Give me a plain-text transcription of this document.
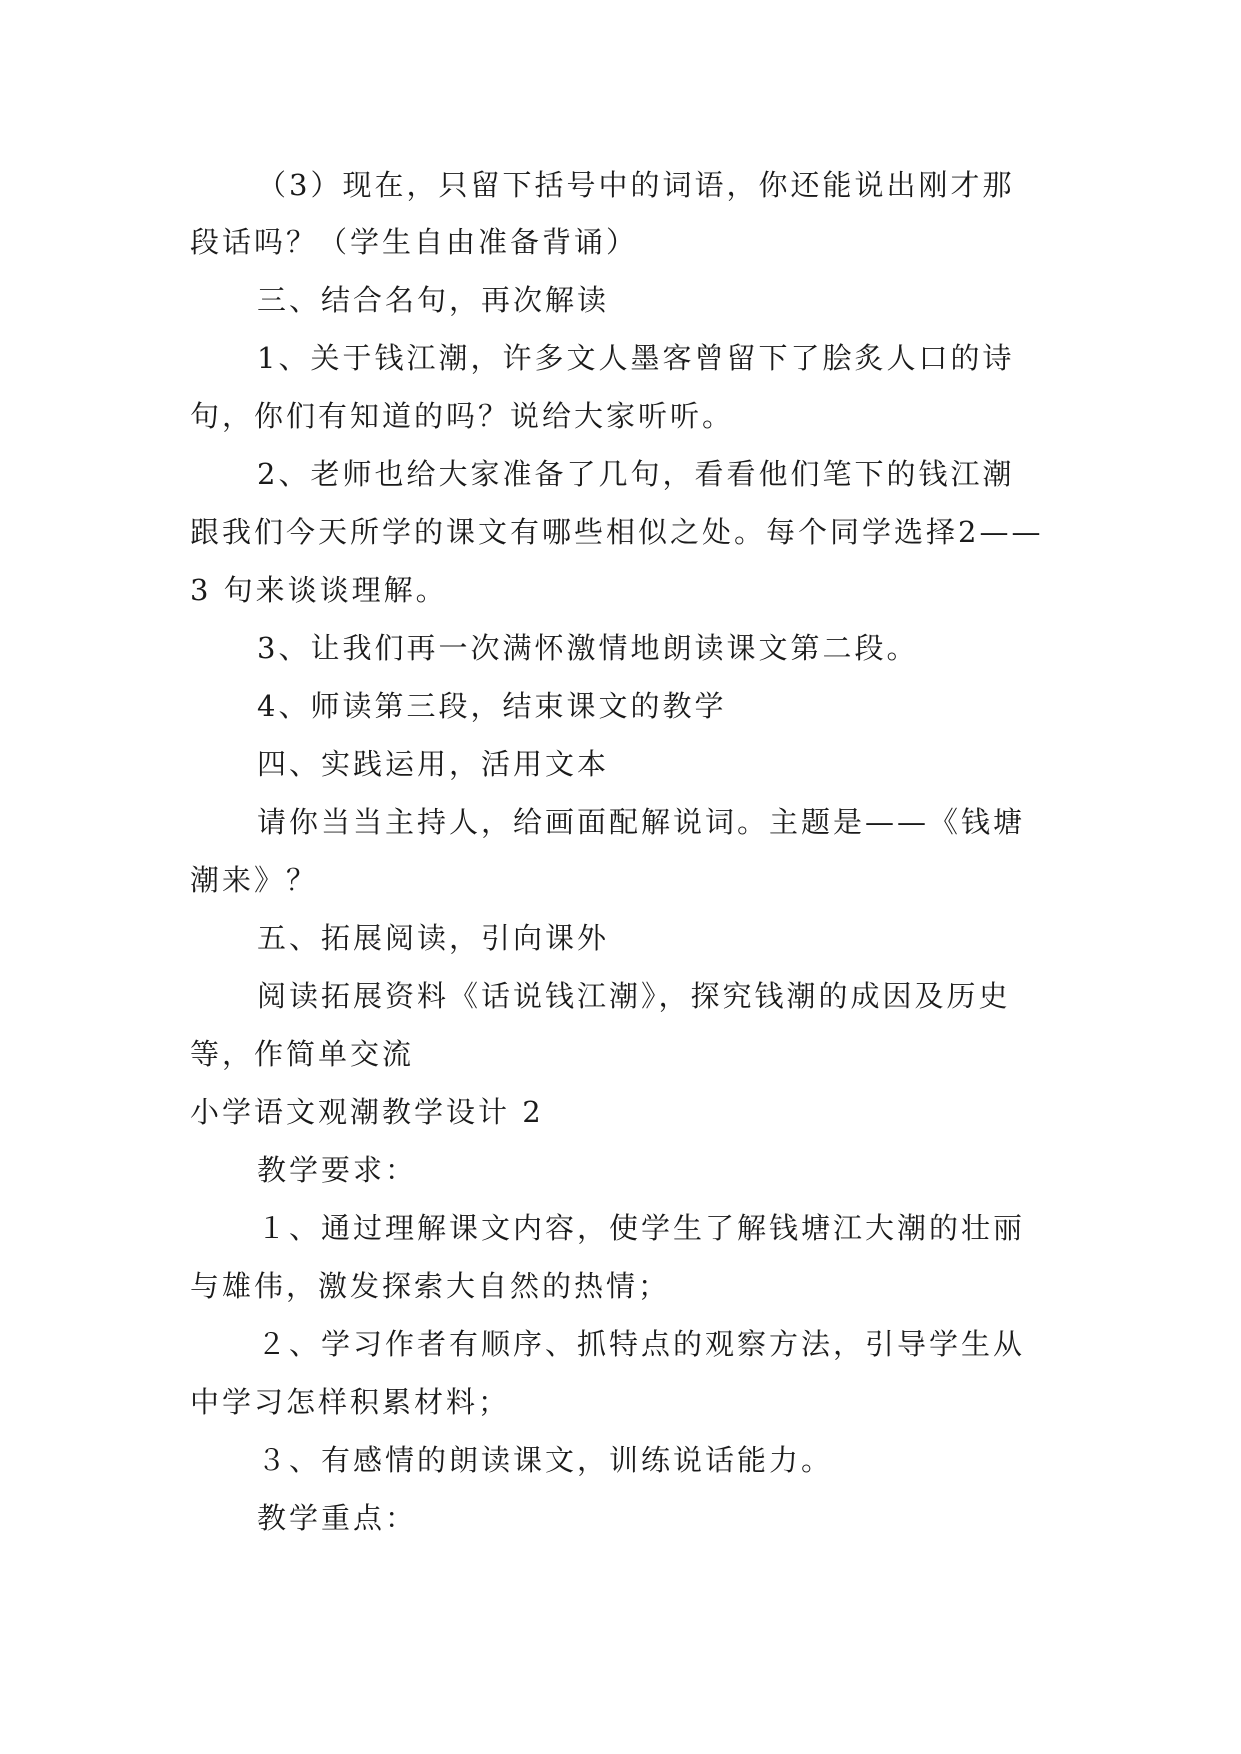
（3）现在，只留下括号中的词语，你还能说出刚才那
段话吗？（学生自由准备背诵）
三、结合名句，再次解读
1、关于钱江潮，许多文人墨客曾留下了脍炙人口的诗
句，你们有知道的吗？说给大家听听。
2、老师也给大家准备了几句，看看他们笔下的钱江潮
跟我们今天所学的课文有哪些相似之处。每个同学选择2——
3 句来谈谈理解。
3、让我们再一次满怀激情地朗读课文第二段。
4、师读第三段，结束课文的教学
四、实践运用，活用文本
请你当当主持人，给画面配解说词。主题是——《钱塘
潮来》？
五、拓展阅读，引向课外
阅读拓展资料《话说钱江潮》，探究钱潮的成因及历史
等，作简单交流
小学语文观潮教学设计 2
教学要求：
１、通过理解课文内容，使学生了解钱塘江大潮的壮丽
与雄伟，激发探索大自然的热情；
２、学习作者有顺序、抓特点的观察方法，引导学生从
中学习怎样积累材料；
３、有感情的朗读课文，训练说话能力。
教学重点：
